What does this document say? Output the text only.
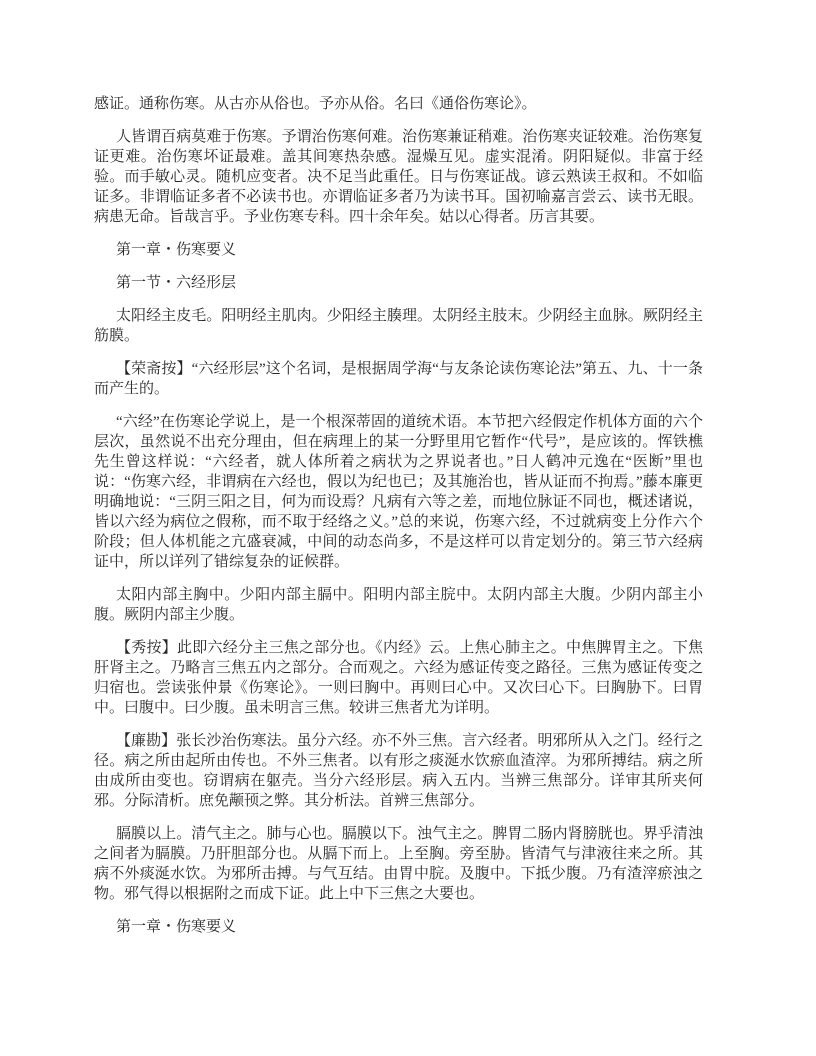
感证。通称伤寒。从古亦从俗也。予亦从俗。名曰《通俗伤寒论》。

人皆谓百病莫难于伤寒。予谓治伤寒何难。治伤寒兼证稍难。治伤寒夹证较难。治伤寒复证更难。治伤寒坏证最难。盖其间寒热杂感。湿燥互见。虚实混淆。阴阳疑似。非富于经验。而手敏心灵。随机应变者。决不足当此重任。日与伤寒证战。谚云熟读王叔和。不如临证多。非谓临证多者不必读书也。亦谓临证多者乃为读书耳。国初喻嘉言尝云、读书无眼。病患无命。旨哉言乎。予业伤寒专科。四十余年矣。姑以心得者。历言其要。

第一章・伤寒要义

第一节・六经形层

太阳经主皮毛。阳明经主肌肉。少阳经主腠理。太阴经主肢末。少阴经主血脉。厥阴经主筋膜。

【荣斋按】“六经形层”这个名词，是根据周学海“与友条论读伤寒论法”第五、九、十一条而产生的。

“六经”在伤寒论学说上，是一个根深蒂固的道统术语。本节把六经假定作机体方面的六个层次，虽然说不出充分理由，但在病理上的某一分野里用它暂作“代号”，是应该的。恽铁樵先生曾这样说：“六经者，就人体所着之病状为之界说者也。”日人鹤冲元逸在“医断”里也说：“伤寒六经，非谓病在六经也，假以为纪也已；及其施治也，皆从证而不拘焉。”藤本廉更明确地说：“三阴三阳之目，何为而设焉？凡病有六等之差，而地位脉证不同也，概述诸说，皆以六经为病位之假称，而不取于经络之义。”总的来说，伤寒六经，不过就病变上分作六个阶段；但人体机能之亢盛衰减，中间的动态尚多，不是这样可以肯定划分的。第三节六经病证中，所以详列了错综复杂的证候群。

太阳内部主胸中。少阳内部主膈中。阳明内部主脘中。太阴内部主大腹。少阴内部主小腹。厥阴内部主少腹。

【秀按】此即六经分主三焦之部分也。《内经》云。上焦心肺主之。中焦脾胃主之。下焦肝肾主之。乃略言三焦五内之部分。合而观之。六经为感证传变之路径。三焦为感证传变之归宿也。尝读张仲景《伤寒论》。一则曰胸中。再则曰心中。又次曰心下。曰胸胁下。曰胃中。曰腹中。曰少腹。虽未明言三焦。较讲三焦者尤为详明。

【廉勘】张长沙治伤寒法。虽分六经。亦不外三焦。言六经者。明邪所从入之门。经行之径。病之所由起所由传也。不外三焦者。以有形之痰涎水饮瘀血渣滓。为邪所搏结。病之所由成所由变也。窃谓病在躯壳。当分六经形层。病入五内。当辨三焦部分。详审其所夹何邪。分际清析。庶免颟顸之弊。其分析法。首辨三焦部分。

膈膜以上。清气主之。肺与心也。膈膜以下。浊气主之。脾胃二肠内肾膀胱也。界乎清浊之间者为膈膜。乃肝胆部分也。从膈下而上。上至胸。旁至胁。皆清气与津液往来之所。其病不外痰涎水饮。为邪所击搏。与气互结。由胃中脘。及腹中。下抵少腹。乃有渣滓瘀浊之物。邪气得以根据附之而成下证。此上中下三焦之大要也。

第一章・伤寒要义
